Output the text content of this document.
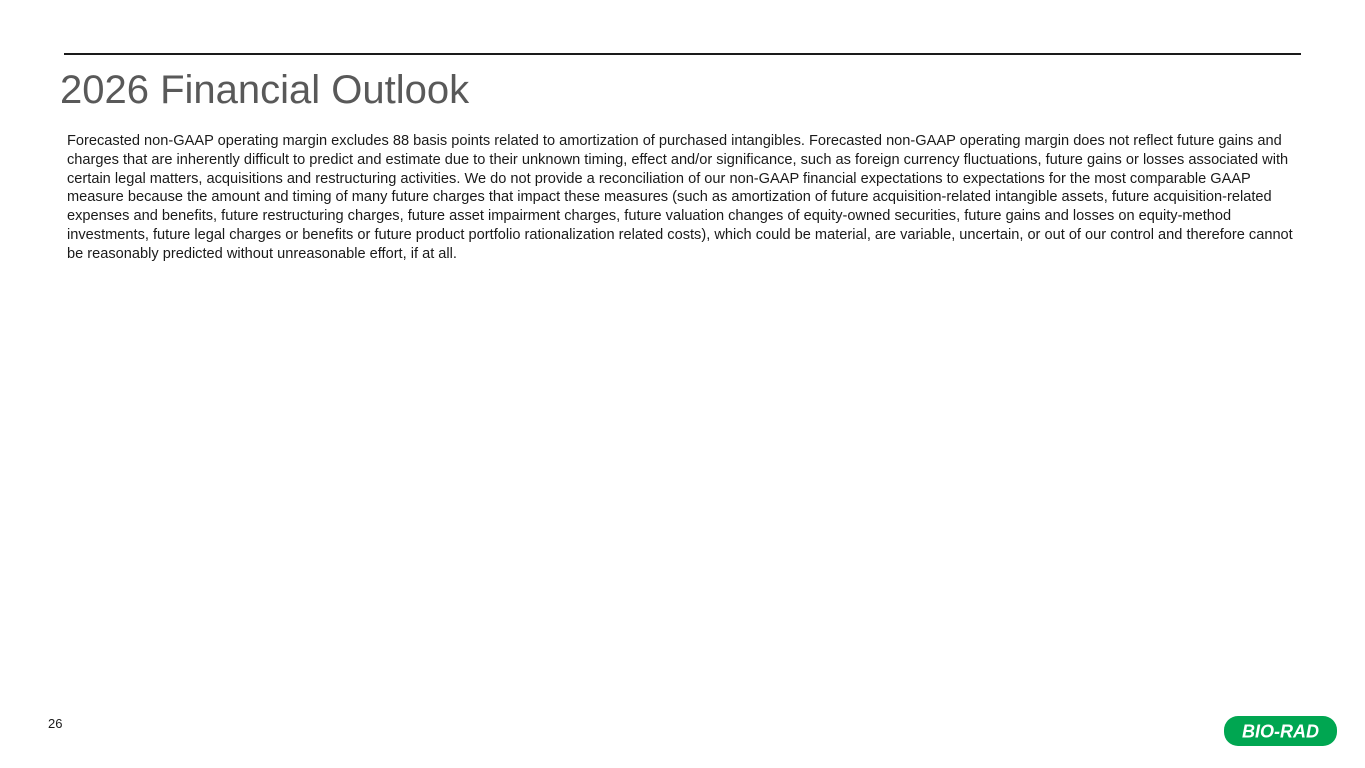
2026 Financial Outlook

Forecasted non-GAAP operating margin excludes 88 basis points related to amortization of purchased intangibles. Forecasted non-GAAP operating margin does not reflect future gains and charges that are inherently difficult to predict and estimate due to their unknown timing, effect and/or significance, such as foreign currency fluctuations, future gains or losses associated with certain legal matters, acquisitions and restructuring activities. We do not provide a reconciliation of our non-GAAP financial expectations to expectations for the most comparable GAAP measure because the amount and timing of many future charges that impact these measures (such as amortization of future acquisition-related intangible assets, future acquisition-related expenses and benefits, future restructuring charges, future asset impairment charges, future valuation changes of equity-owned securities, future gains and losses on equity-method investments, future legal charges or benefits or future product portfolio rationalization related costs), which could be material, are variable, uncertain, or out of our control and therefore cannot be reasonably predicted without unreasonable effort, if at all.

26	BIO-RAD
